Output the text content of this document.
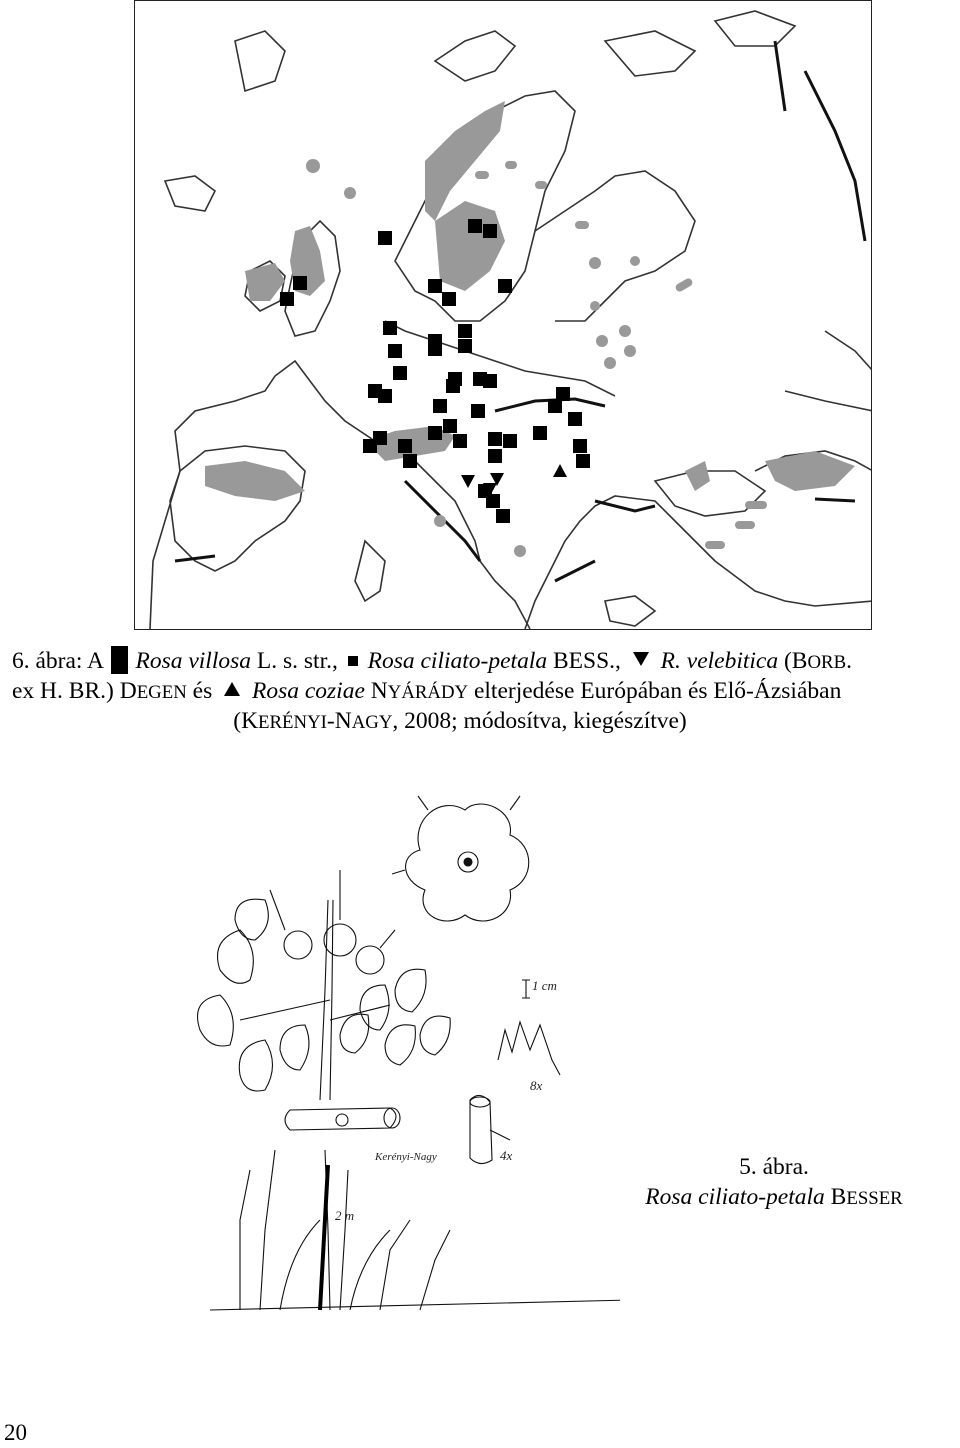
6. ábra: A  Rosa villosa L. s. str.,  Rosa ciliato-petala BESS.,  R. velebitica (BORB.
ex H. BR.) DEGEN és  Rosa coziae NYÁRÁDY elterjedése Európában és Elő-Ázsiában
(KERÉNYI-NAGY, 2008; módosítva, kiegészítve)
1 cm
8x
4x
2 m
Kerényi-Nagy	5. ábra.
Rosa ciliato-petala BESSER
20
